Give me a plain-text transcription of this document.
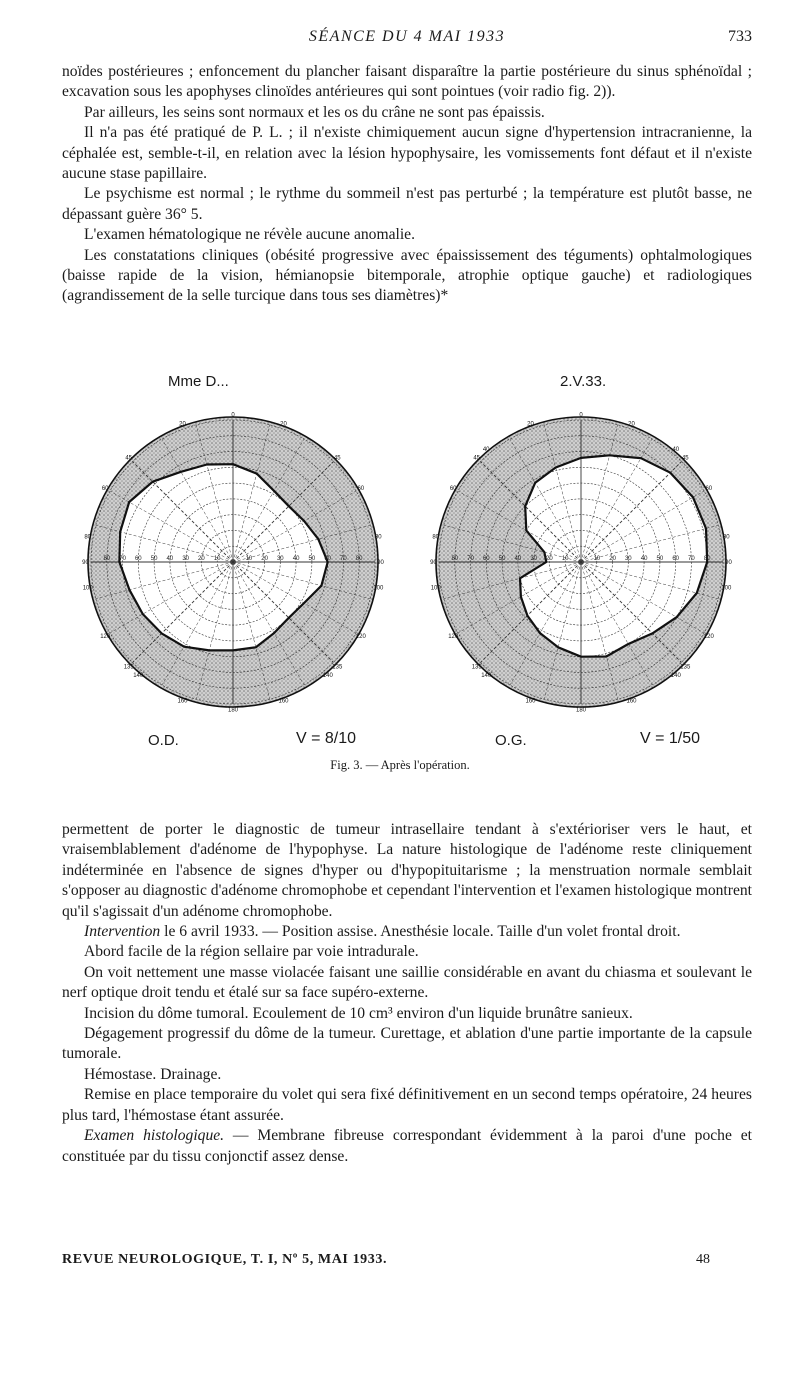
SÉANCE DU 4 MAI 1933	733

noïdes postérieures ; enfoncement du plancher faisant disparaître la partie postérieure du sinus sphénoïdal ; excavation sous les apophyses clinoïdes antérieures qui sont pointues (voir radio fig. 2)).

Par ailleurs, les seins sont normaux et les os du crâne ne sont pas épaissis.

Il n'a pas été pratiqué de P. L. ; il n'existe chimiquement aucun signe d'hypertension intracranienne, la céphalée est, semble-t-il, en relation avec la lésion hypophysaire, les vomissements font défaut et il n'existe aucune stase papillaire.

Le psychisme est normal ; le rythme du sommeil n'est pas perturbé ; la température est plutôt basse, ne dépassant guère 36° 5.

L'examen hématologique ne révèle aucune anomalie.

Les constatations cliniques (obésité progressive avec épaississement des téguments) ophtalmologiques (baisse rapide de la vision, hémianopsie bitemporale, atrophie optique gauche) et radiologiques (agrandissement de la selle turcique dans tous ses diamètres)*

Mme D...	2.V.33.
10
10	20
20	30
30	40
40	50
50	60
60	70
70	80
80
0
20
20
45
45
60
60
80
80
90
90
100
100
120
120
135
135
140
140
160
160
180
10
10	20
20	30
30	40
40	50
50	60
60	70
70	80
80
0
20
20
40
40
45
45
60
60
80
80
90
90
100
100
120
120
135
135
140
140
160
160
180
O.D.	V = 8/10	O.G.	V = 1/50
Fig. 3. — Après l'opération.

permettent de porter le diagnostic de tumeur intrasellaire tendant à s'extérioriser vers le haut, et vraisemblablement d'adénome de l'hypophyse. La nature histologique de l'adénome reste cliniquement indéterminée en l'absence de signes d'hyper ou d'hypopituitarisme ; la menstruation normale semblait s'opposer au diagnostic d'adénome chromophobe et cependant l'intervention et l'examen histologique montrent qu'il s'agissait d'un adénome chromophobe.

Intervention le 6 avril 1933. — Position assise. Anesthésie locale. Taille d'un volet frontal droit.

Abord facile de la région sellaire par voie intradurale.

On voit nettement une masse violacée faisant une saillie considérable en avant du chiasma et soulevant le nerf optique droit tendu et étalé sur sa face supéro-externe.

Incision du dôme tumoral. Ecoulement de 10 cm³ environ d'un liquide brunâtre sanieux.

Dégagement progressif du dôme de la tumeur. Curettage, et ablation d'une partie importante de la capsule tumorale.

Hémostase. Drainage.

Remise en place temporaire du volet qui sera fixé définitivement en un second temps opératoire, 24 heures plus tard, l'hémostase étant assurée.

Examen histologique. — Membrane fibreuse correspondant évidemment à la paroi d'une poche et constituée par du tissu conjonctif assez dense.

REVUE NEUROLOGIQUE, T. I, Nº 5, MAI 1933.	48
